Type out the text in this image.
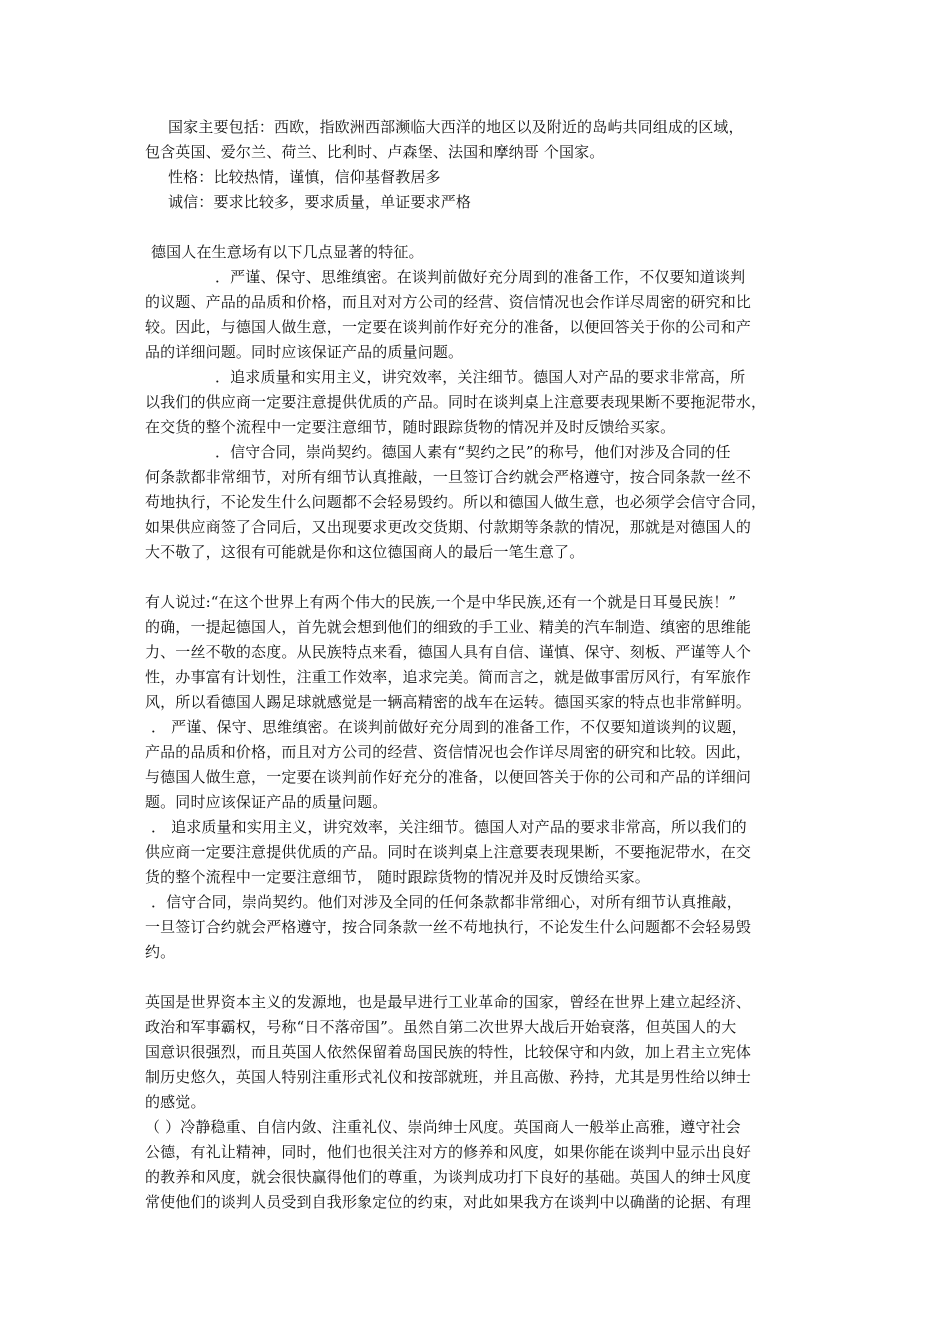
国家主要包括：西欧，指欧洲西部濒临大西洋的地区以及附近的岛屿共同组成的区域，
包含英国、爱尔兰、荷兰、比利时、卢森堡、法国和摩纳哥 个国家。
性格：比较热情，谨慎，信仰基督教居多
诚信：要求比较多，要求质量，单证要求严格
德国人在生意场有以下几点显著的特征。
．严谨、保守、思维缜密。在谈判前做好充分周到的准备工作，不仅要知道谈判
的议题、产品的品质和价格，而且对对方公司的经营、资信情况也会作详尽周密的研究和比
较。因此，与德国人做生意，一定要在谈判前作好充分的准备，以便回答关于你的公司和产
品的详细问题。同时应该保证产品的质量问题。
．追求质量和实用主义，讲究效率，关注细节。德国人对产品的要求非常高，所
以我们的供应商一定要注意提供优质的产品。同时在谈判桌上注意要表现果断不要拖泥带水，
在交货的整个流程中一定要注意细节，随时跟踪货物的情况并及时反馈给买家。
．信守合同，崇尚契约。德国人素有“契约之民”的称号，他们对涉及合同的任
何条款都非常细节，对所有细节认真推敲，一旦签订合约就会严格遵守，按合同条款一丝不
苟地执行，不论发生什么问题都不会轻易毁约。所以和德国人做生意，也必须学会信守合同，
如果供应商签了合同后，又出现要求更改交货期、付款期等条款的情况，那就是对德国人的
大不敬了，这很有可能就是你和这位德国商人的最后一笔生意了。
有人说过:“在这个世界上有两个伟大的民族,一个是中华民族,还有一个就是日耳曼民族！”
的确，一提起德国人，首先就会想到他们的细致的手工业、精美的汽车制造、缜密的思维能
力、一丝不敬的态度。从民族特点来看，德国人具有自信、谨慎、保守、刻板、严谨等人个
性，办事富有计划性，注重工作效率，追求完美。简而言之，就是做事雷厉风行，有军旅作
风，所以看德国人踢足球就感觉是一辆高精密的战车在运转。德国买家的特点也非常鲜明。
． 严谨、保守、思维缜密。在谈判前做好充分周到的准备工作，不仅要知道谈判的议题，
产品的品质和价格，而且对方公司的经营、资信情况也会作详尽周密的研究和比较。因此，
与德国人做生意，一定要在谈判前作好充分的准备，以便回答关于你的公司和产品的详细问
题。同时应该保证产品的质量问题。
． 追求质量和实用主义，讲究效率，关注细节。德国人对产品的要求非常高，所以我们的
供应商一定要注意提供优质的产品。同时在谈判桌上注意要表现果断，不要拖泥带水，在交
货的整个流程中一定要注意细节， 随时跟踪货物的情况并及时反馈给买家。
．信守合同，崇尚契约。他们对涉及全同的任何条款都非常细心，对所有细节认真推敲，
一旦签订合约就会严格遵守，按合同条款一丝不苟地执行，不论发生什么问题都不会轻易毁
约。
英国是世界资本主义的发源地，也是最早进行工业革命的国家，曾经在世界上建立起经济、
政治和军事霸权，号称“日不落帝国”。虽然自第二次世界大战后开始衰落，但英国人的大
国意识很强烈，而且英国人依然保留着岛国民族的特性，比较保守和内敛，加上君主立宪体
制历史悠久，英国人特别注重形式礼仪和按部就班，并且高傲、矜持，尤其是男性给以绅士
的感觉。
（ ）冷静稳重、自信内敛、注重礼仪、崇尚绅士风度。英国商人一般举止高雅，遵守社会
公德，有礼让精神，同时，他们也很关注对方的修养和风度，如果你能在谈判中显示出良好
的教养和风度，就会很快赢得他们的尊重，为谈判成功打下良好的基础。英国人的绅士风度
常使他们的谈判人员受到自我形象定位的约束，对此如果我方在谈判中以确凿的论据、有理
